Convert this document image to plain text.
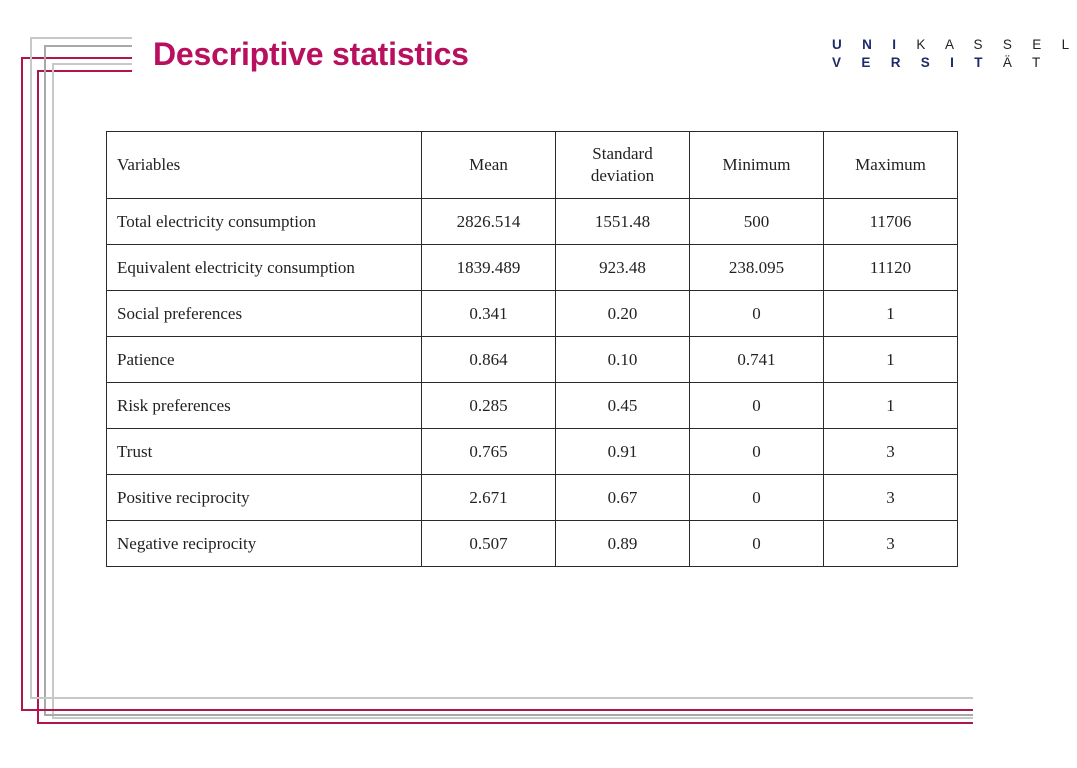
Descriptive statistics	U N I K A S S E L
V E R S I T Ä T
Variables	Mean	Standard deviation	Minimum	Maximum
Total electricity consumption	2826.514	1551.48	500	11706
Equivalent electricity consumption	1839.489	923.48	238.095	11120
Social preferences	0.341	0.20	0	1
Patience	0.864	0.10	0.741	1
Risk preferences	0.285	0.45	0	1
Trust	0.765	0.91	0	3
Positive reciprocity	2.671	0.67	0	3
Negative reciprocity	0.507	0.89	0	3
